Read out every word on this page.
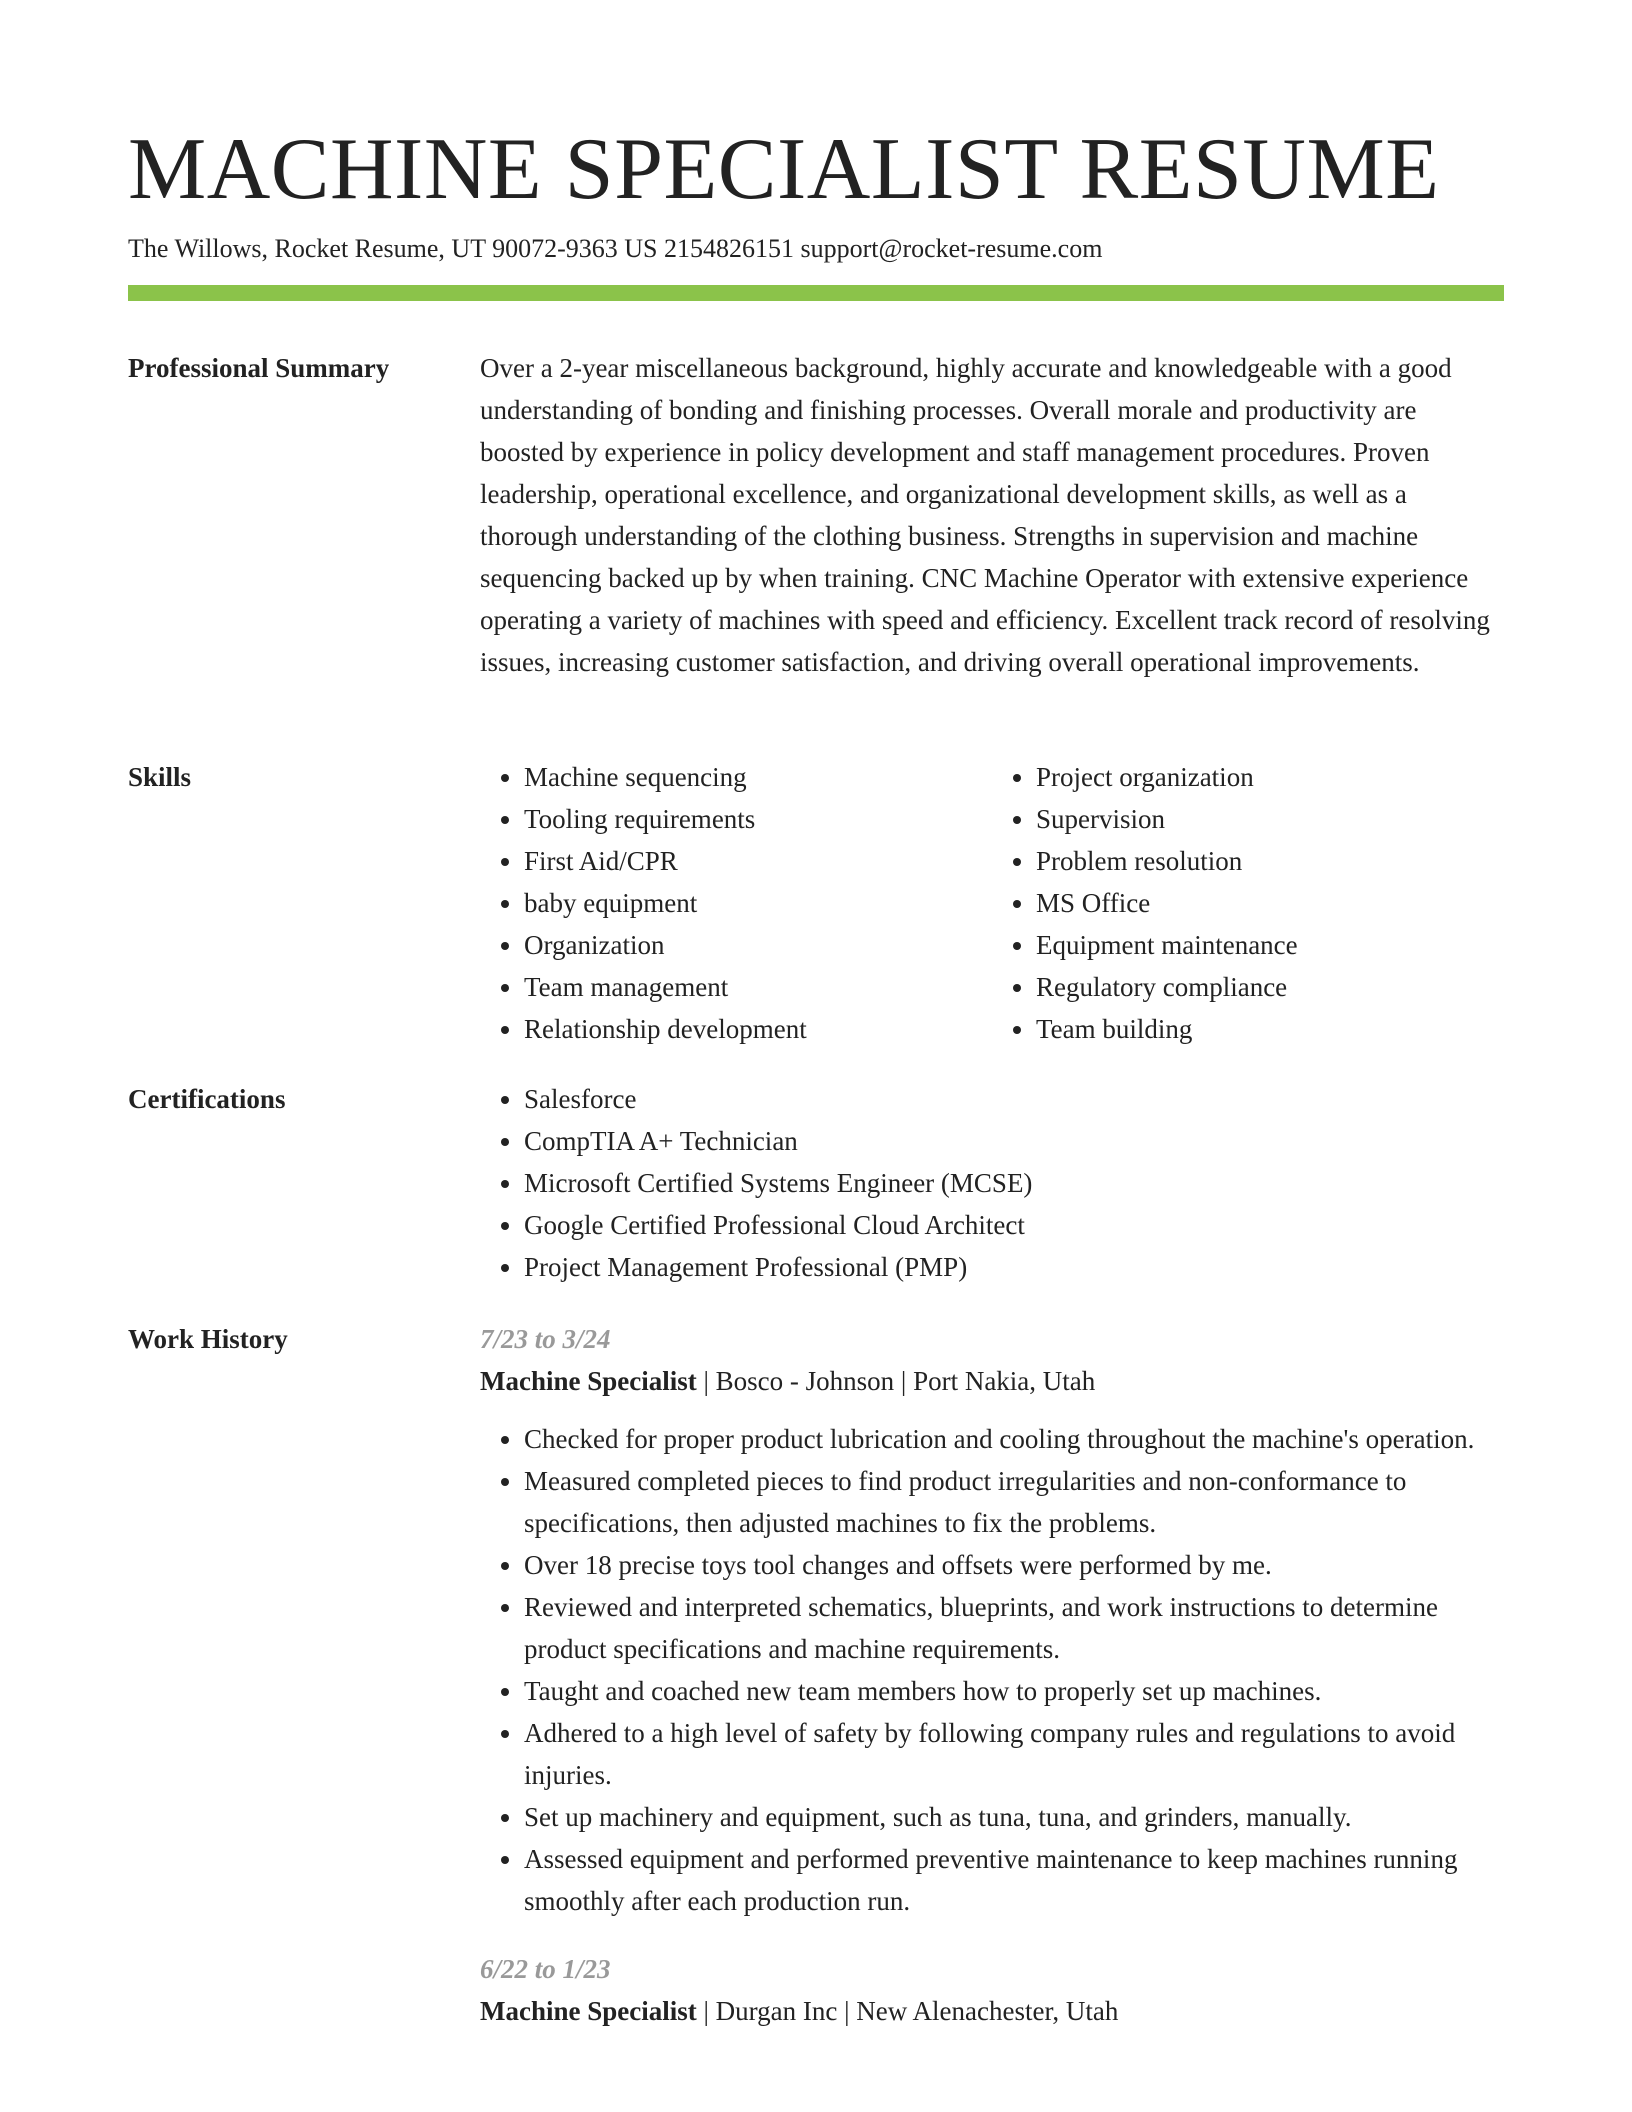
MACHINE SPECIALIST RESUME
The Willows, Rocket Resume, UT 90072-9363 US 2154826151 support@rocket-resume.com
Professional Summary	Over a 2-year miscellaneous background, highly accurate and knowledgeable with a good understanding of bonding and finishing processes. Overall morale and productivity are boosted by experience in policy development and staff management procedures. Proven leadership, operational excellence, and organizational development skills, as well as a thorough understanding of the clothing business. Strengths in supervision and machine sequencing backed up by when training. CNC Machine Operator with extensive experience operating a variety of machines with speed and efficiency. Excellent track record of resolving issues, increasing customer satisfaction, and driving overall operational improvements.

Skills	• Machine sequencing
• Tooling requirements
• First Aid/CPR
• baby equipment
• Organization
• Team management
• Relationship development
• Project organization
• Supervision
• Problem resolution
• MS Office
• Equipment maintenance
• Regulatory compliance
• Team building
Certifications	• Salesforce
• CompTIA A+ Technician
• Microsoft Certified Systems Engineer (MCSE)
• Google Certified Professional Cloud Architect
• Project Management Professional (PMP)
Work History	7/23 to 3/24
Machine Specialist | Bosco - Johnson | Port Nakia, Utah
• Checked for proper product lubrication and cooling throughout the machine's operation.
• Measured completed pieces to find product irregularities and non-conformance to specifications, then adjusted machines to fix the problems.
• Over 18 precise toys tool changes and offsets were performed by me.
• Reviewed and interpreted schematics, blueprints, and work instructions to determine product specifications and machine requirements.
• Taught and coached new team members how to properly set up machines.
• Adhered to a high level of safety by following company rules and regulations to avoid injuries.
• Set up machinery and equipment, such as tuna, tuna, and grinders, manually.
• Assessed equipment and performed preventive maintenance to keep machines running smoothly after each production run.
6/22 to 1/23
Machine Specialist | Durgan Inc | New Alenachester, Utah
